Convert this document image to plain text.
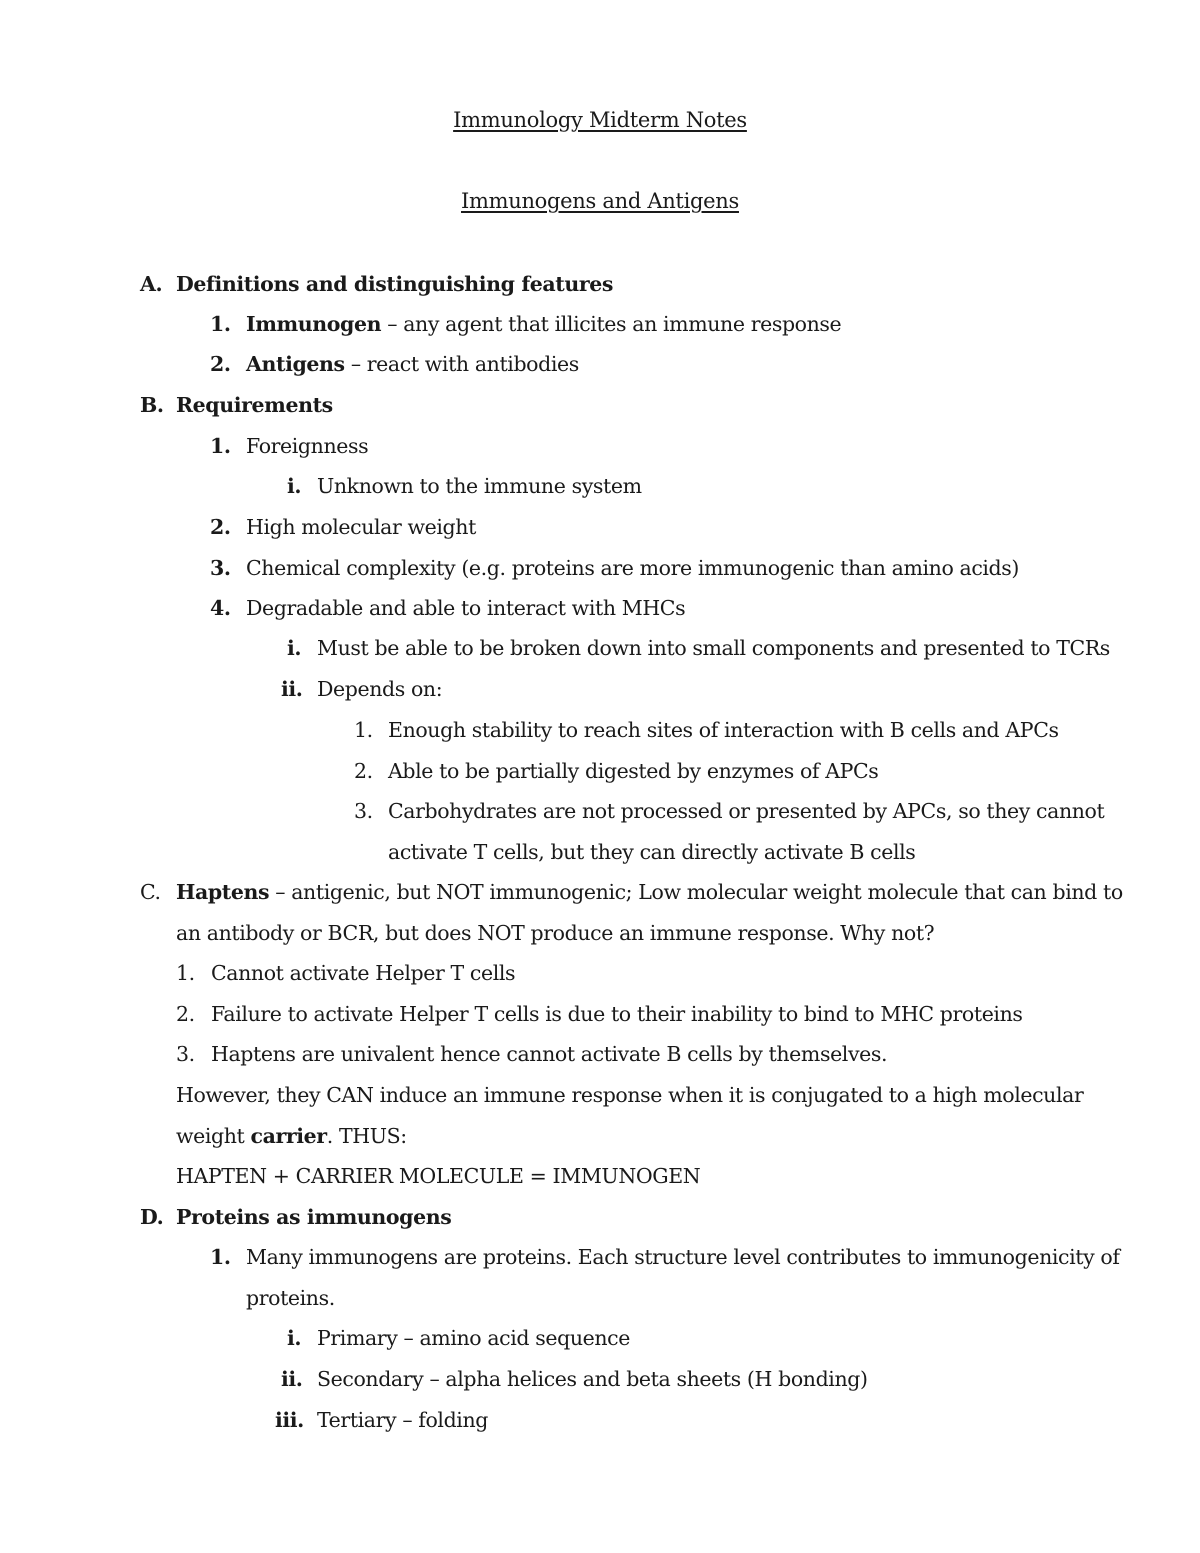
Immunology Midterm Notes
Immunogens and Antigens
A. Definitions and distinguishing features
1. Immunogen – any agent that illicites an immune response
2. Antigens – react with antibodies
B. Requirements
1. Foreignness
i. Unknown to the immune system
2. High molecular weight
3. Chemical complexity (e.g. proteins are more immunogenic than amino acids)
4. Degradable and able to interact with MHCs
i. Must be able to be broken down into small components and presented to TCRs
ii. Depends on:
1. Enough stability to reach sites of interaction with B cells and APCs
2. Able to be partially digested by enzymes of APCs
3. Carbohydrates are not processed or presented by APCs, so they cannot
activate T cells, but they can directly activate B cells
C. Haptens – antigenic, but NOT immunogenic; Low molecular weight molecule that can bind to
an antibody or BCR, but does NOT produce an immune response. Why not?
1. Cannot activate Helper T cells
2. Failure to activate Helper T cells is due to their inability to bind to MHC proteins
3. Haptens are univalent hence cannot activate B cells by themselves.
However, they CAN induce an immune response when it is conjugated to a high molecular
weight carrier. THUS:
HAPTEN + CARRIER MOLECULE = IMMUNOGEN
D. Proteins as immunogens
1. Many immunogens are proteins. Each structure level contributes to immunogenicity of
proteins.
i. Primary – amino acid sequence
ii. Secondary – alpha helices and beta sheets (H bonding)
iii. Tertiary – folding
